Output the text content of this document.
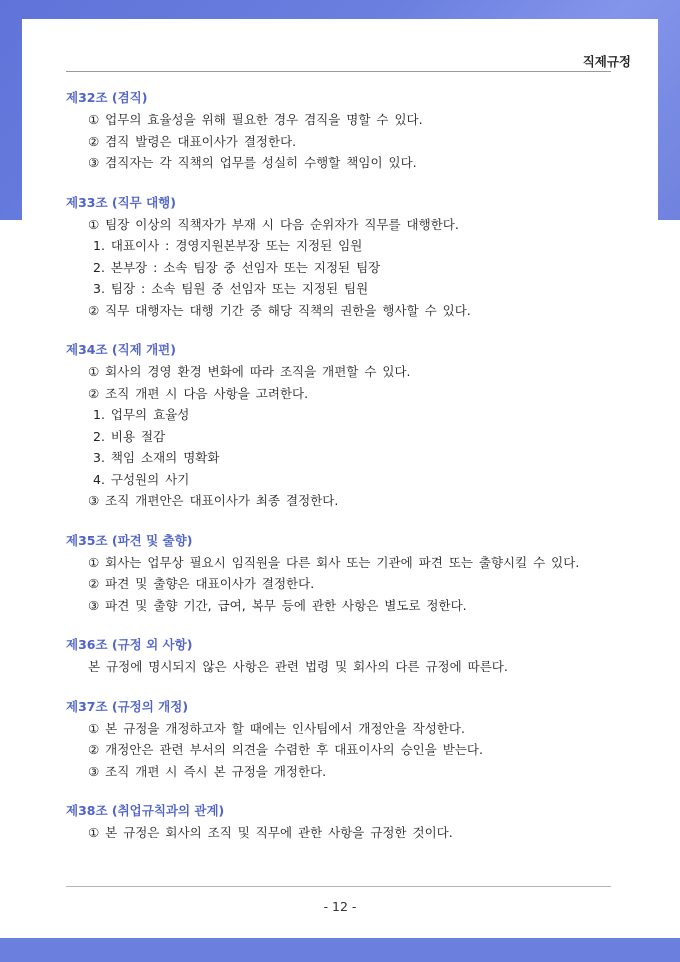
직제규정
제32조 (겸직)
① 업무의 효율성을 위해 필요한 경우 겸직을 명할 수 있다.
② 겸직 발령은 대표이사가 결정한다.
③ 겸직자는 각 직책의 업무를 성실히 수행할 책임이 있다.
제33조 (직무 대행)
① 팀장 이상의 직책자가 부재 시 다음 순위자가 직무를 대행한다.
1. 대표이사 : 경영지원본부장 또는 지정된 임원
2. 본부장 : 소속 팀장 중 선임자 또는 지정된 팀장
3. 팀장 : 소속 팀원 중 선임자 또는 지정된 팀원
② 직무 대행자는 대행 기간 중 해당 직책의 권한을 행사할 수 있다.
제34조 (직제 개편)
① 회사의 경영 환경 변화에 따라 조직을 개편할 수 있다.
② 조직 개편 시 다음 사항을 고려한다.
1. 업무의 효율성
2. 비용 절감
3. 책임 소재의 명확화
4. 구성원의 사기
③ 조직 개편안은 대표이사가 최종 결정한다.
제35조 (파견 및 출향)
① 회사는 업무상 필요시 임직원을 다른 회사 또는 기관에 파견 또는 출향시킬 수 있다.
② 파견 및 출향은 대표이사가 결정한다.
③ 파견 및 출향 기간, 급여, 복무 등에 관한 사항은 별도로 정한다.
제36조 (규정 외 사항)
본 규정에 명시되지 않은 사항은 관련 법령 및 회사의 다른 규정에 따른다.
제37조 (규정의 개정)
① 본 규정을 개정하고자 할 때에는 인사팀에서 개정안을 작성한다.
② 개정안은 관련 부서의 의견을 수렴한 후 대표이사의 승인을 받는다.
③ 조직 개편 시 즉시 본 규정을 개정한다.
제38조 (취업규칙과의 관계)
① 본 규정은 회사의 조직 및 직무에 관한 사항을 규정한 것이다.
- 12 -
